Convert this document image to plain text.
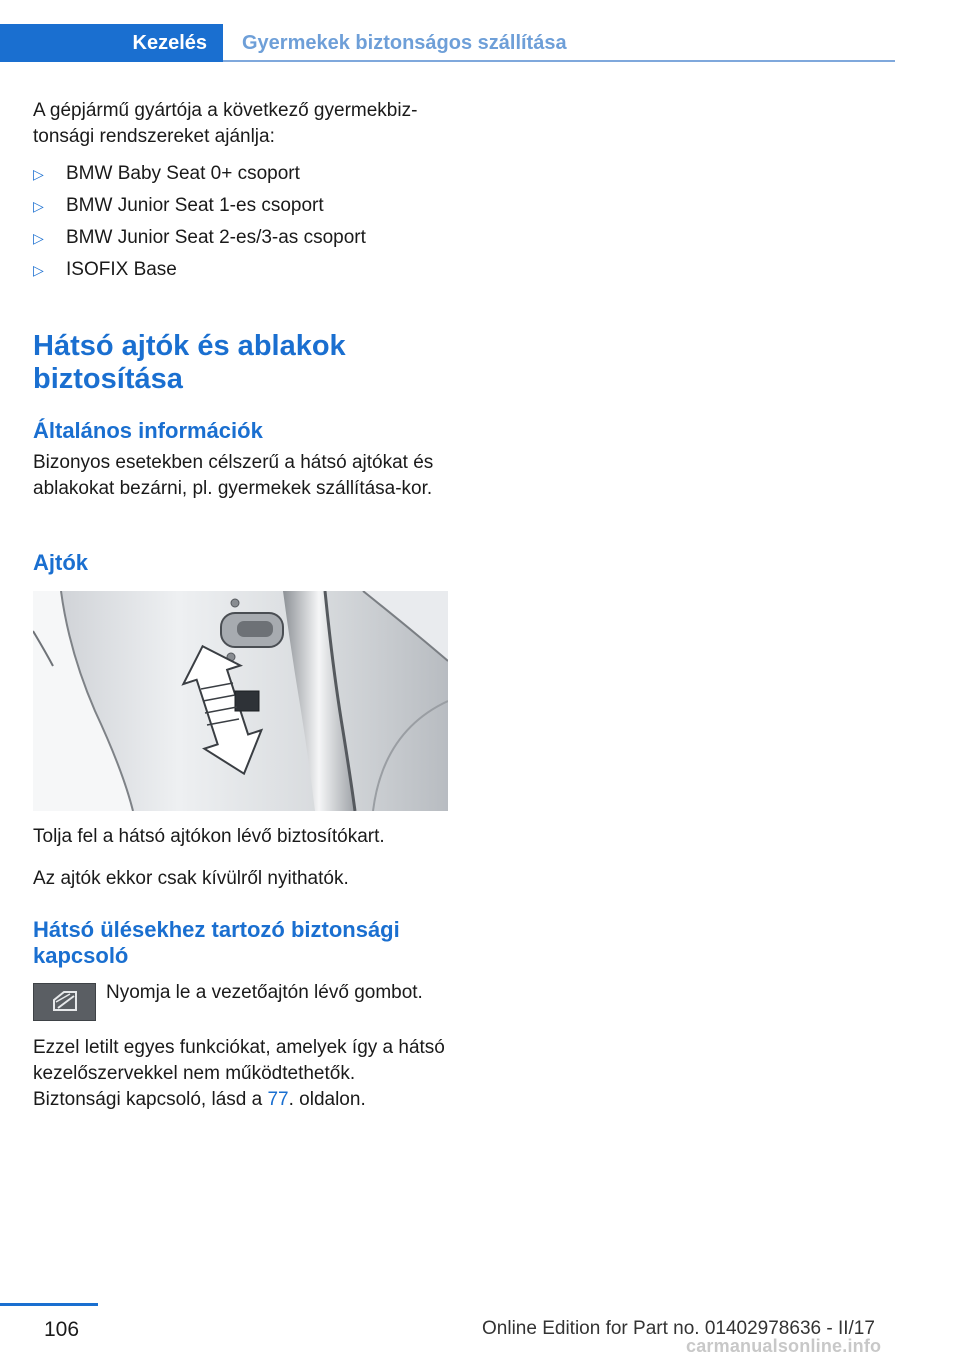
Kezelés Gyermekek biztonságos szállítása
A gépjármű gyártója a következő gyermekbiz‐tonsági rendszereket ajánlja:
▷ BMW Baby Seat 0+ csoport
▷ BMW Junior Seat 1-es csoport
▷ BMW Junior Seat 2-es/3-as csoport
▷ ISOFIX Base
Hátsó ajtók és ablakok biztosítása
Általános információk
Bizonyos esetekben célszerű a hátsó ajtókat és ablakokat bezárni, pl. gyermekek szállítása‐kor.
Ajtók
Tolja fel a hátsó ajtókon lévő biztosítókart.
Az ajtók ekkor csak kívülről nyithatók.
Hátsó ülésekhez tartozó biztonsági kapcsoló
Nyomja le a vezetőajtón lévő gombot.
Ezzel letilt egyes funkciókat, amelyek így a hátsó kezelőszervekkel nem működtethetők.
Biztonsági kapcsoló, lásd a 77. oldalon.
106	Online Edition for Part no. 01402978636 - II/17
carmanualsonline.info
